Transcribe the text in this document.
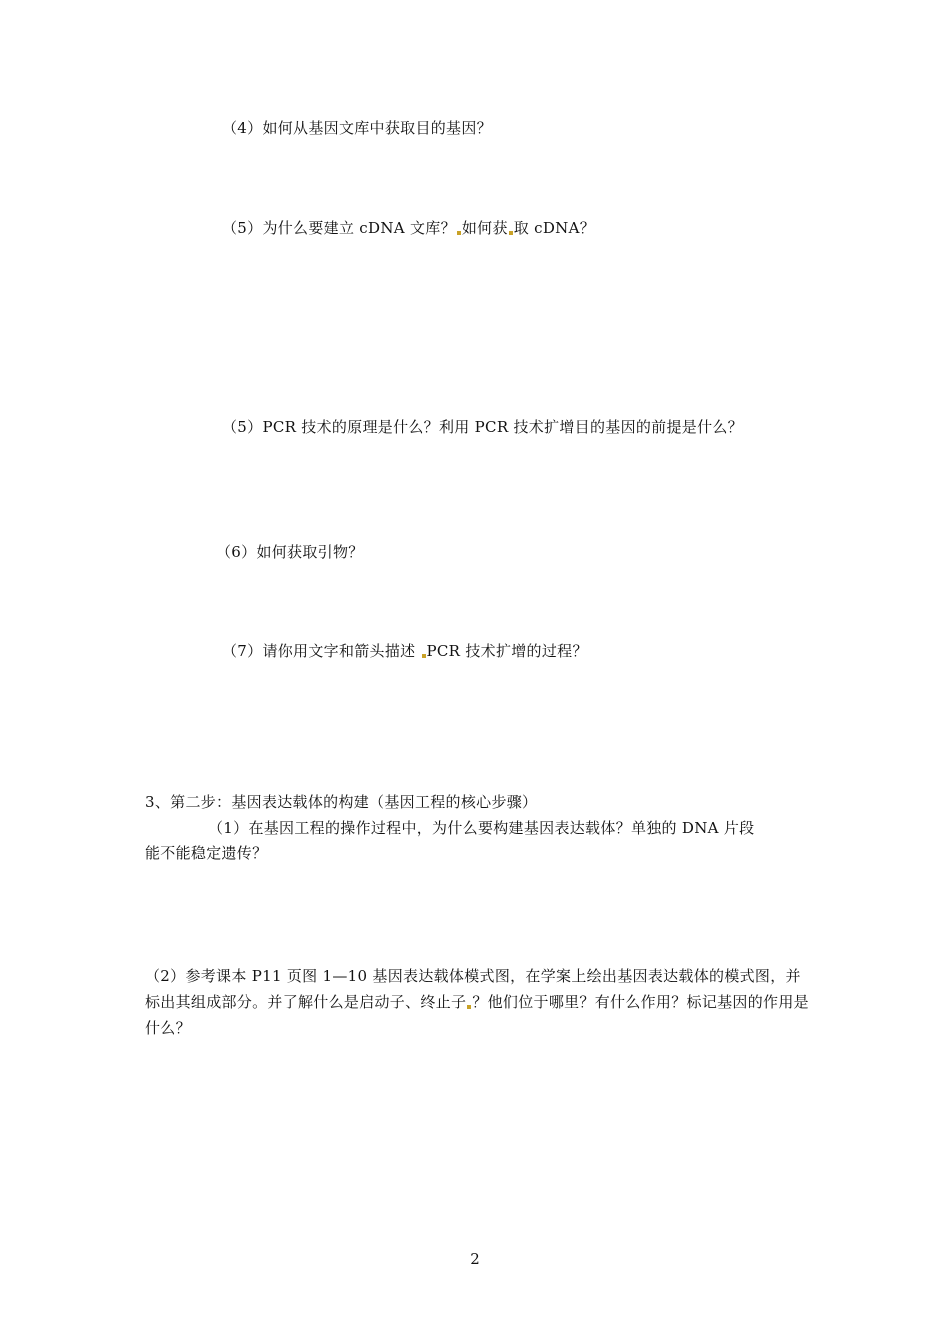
（4）如何从基因文库中获取目的基因？
（5）为什么要建立 cDNA 文库？ 如何获 取 cDNA？
（5）PCR 技术的原理是什么？利用 PCR 技术扩增目的基因的前提是什么？
（6）如何获取引物？
（7）请你用文字和箭头描述 PCR 技术扩增的过程？
3、第二步：基因表达载体的构建（基因工程的核心步骤）
（1）在基因工程的操作过程中，为什么要构建基因表达载体？单独的 DNA 片段
能不能稳定遗传？
（2）参考课本 P11 页图 1—10 基因表达载体模式图，在学案上绘出基因表达载体的模式图，并标出其组成部分。并了解什么是启动子、终止子 ？他们位于哪里？有什么作用？标记基因的作用是什么？
2
